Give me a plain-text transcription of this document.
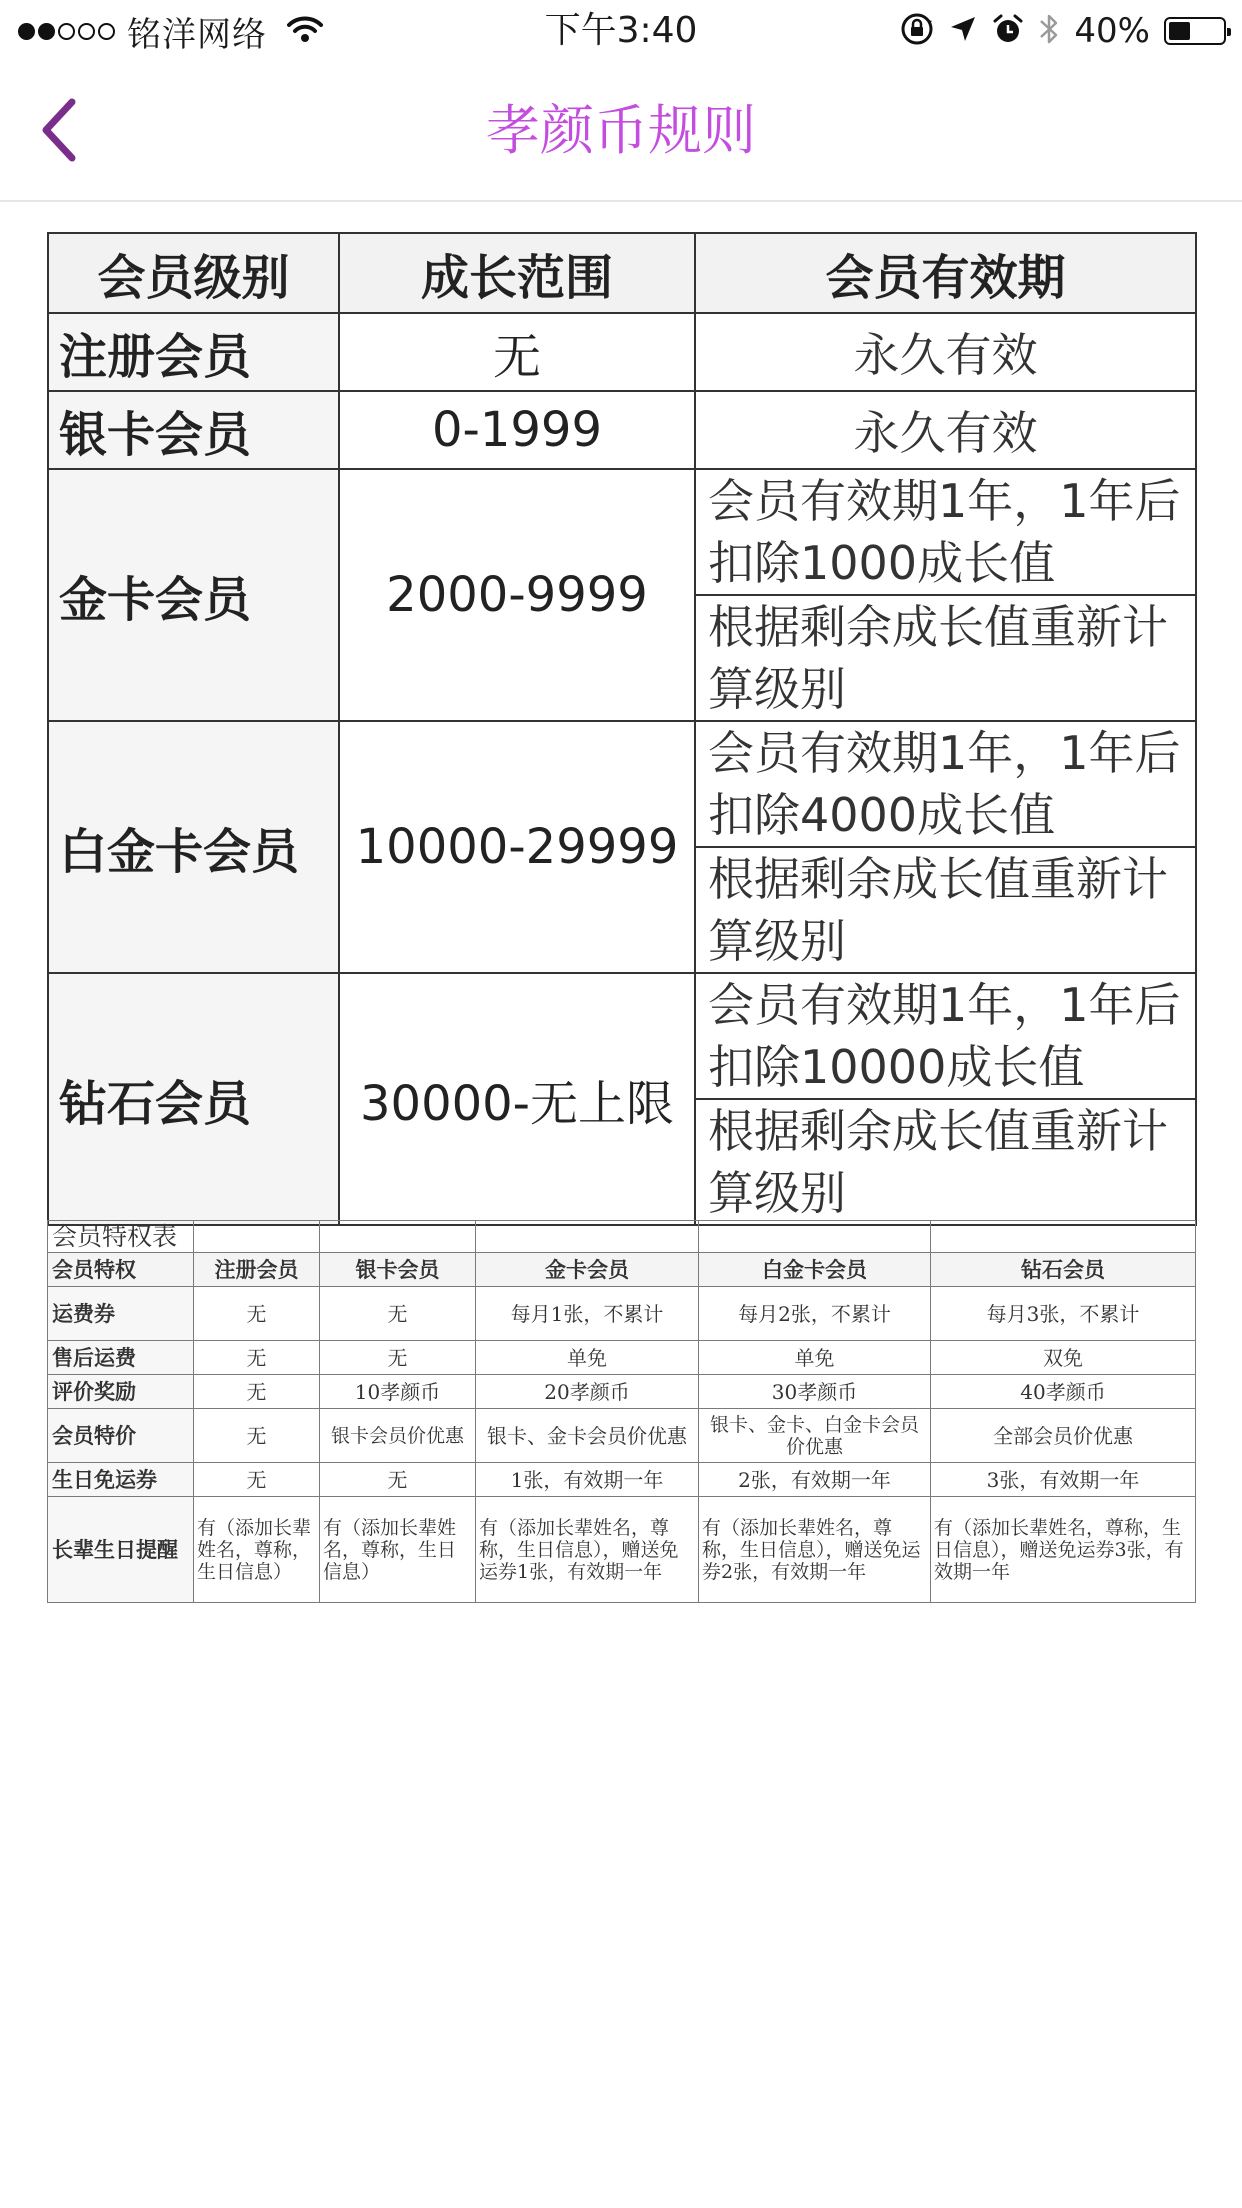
铭洋网络	下午3:40	40%
孝颜币规则
会员级别	成长范围	会员有效期
注册会员	无	永久有效
银卡会员	0-1999	永久有效
金卡会员	2000-9999	会员有效期1年，1年后扣除1000成长值
		根据剩余成长值重新计算级别
白金卡会员	10000-29999	会员有效期1年，1年后扣除4000成长值
		根据剩余成长值重新计算级别
钻石会员	30000-无上限	会员有效期1年，1年后扣除10000成长值
		根据剩余成长值重新计算级别
会员特权表					
会员特权	注册会员	银卡会员	金卡会员	白金卡会员	钻石会员
运费券	无	无	每月1张，不累计	每月2张，不累计	每月3张，不累计
售后运费	无	无	单免	单免	双免
评价奖励	无	10孝颜币	20孝颜币	30孝颜币	40孝颜币
会员特价	无	银卡会员价优惠	银卡、金卡会员价优惠	银卡、金卡、白金卡会员价优惠	全部会员价优惠
生日免运券	无	无	1张，有效期一年	2张，有效期一年	3张，有效期一年
长辈生日提醒	有（添加长辈姓名，尊称，生日信息）	有（添加长辈姓名，尊称，生日信息）	有（添加长辈姓名，尊称，生日信息），赠送免运券1张，有效期一年	有（添加长辈姓名，尊称，生日信息），赠送免运券2张，有效期一年	有（添加长辈姓名，尊称，生日信息），赠送免运券3张，有效期一年
